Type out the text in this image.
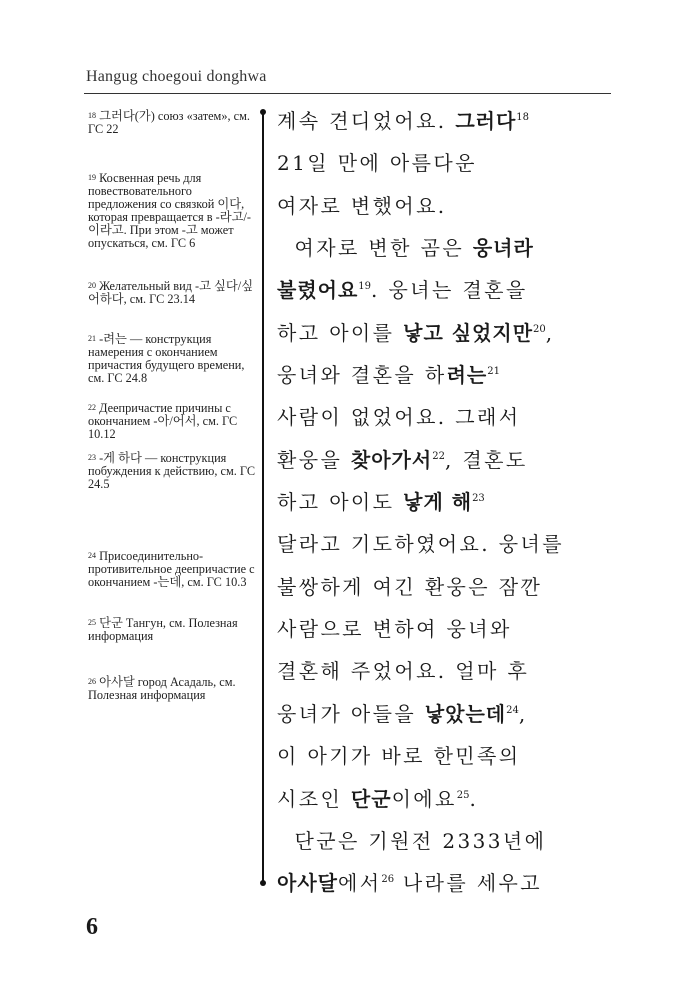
Hangug choegoui donghwa
$^{18}$ 그러다(가) союз «затем», см. ГС 22
$^{19}$ Косвенная речь для повествовательного предложения со связкой 이다, которая превращается в -라고/-이라고. При этом -고 может опускаться, см. ГС 6
$^{20}$ Желательный вид -고 싶다/싶어하다, см. ГС 23.14
$^{21}$ -려는 — конструкция намерения с окончанием причастия будущего времени, см. ГС 24.8
$^{22}$ Деепричастие причины с окончанием -아/어서, см. ГС 10.12
$^{23}$ -게 하다 — конструкция побуждения к действию, см. ГС 24.5
$^{24}$ Присоединительно-противительное деепричастие с окончанием -는데, см. ГС 10.3
$^{25}$ 단군 Тангун, см. Полезная информация
$^{26}$ 아사달 город Асадаль, см. Полезная информация
계속 견디었어요. 그러다$^{18}$
21일 만에 아름다운
여자로 변했어요.
여자로 변한 곰은 웅녀라
불렸어요$^{19}$. 웅녀는 결혼을
하고 아이를 낳고 싶었지만$^{20}$,
웅녀와 결혼을 하려는$^{21}$
사람이 없었어요. 그래서
환웅을 찾아가서$^{22}$, 결혼도
하고 아이도 낳게 해$^{23}$
달라고 기도하였어요. 웅녀를
불쌍하게 여긴 환웅은 잠깐
사람으로 변하여 웅녀와
결혼해 주었어요. 얼마 후
웅녀가 아들을 낳았는데$^{24}$,
이 아기가 바로 한민족의
시조인 단군이에요$^{25}$.
단군은 기원전 2333년에
아사달에서$^{26}$ 나라를 세우고
6
